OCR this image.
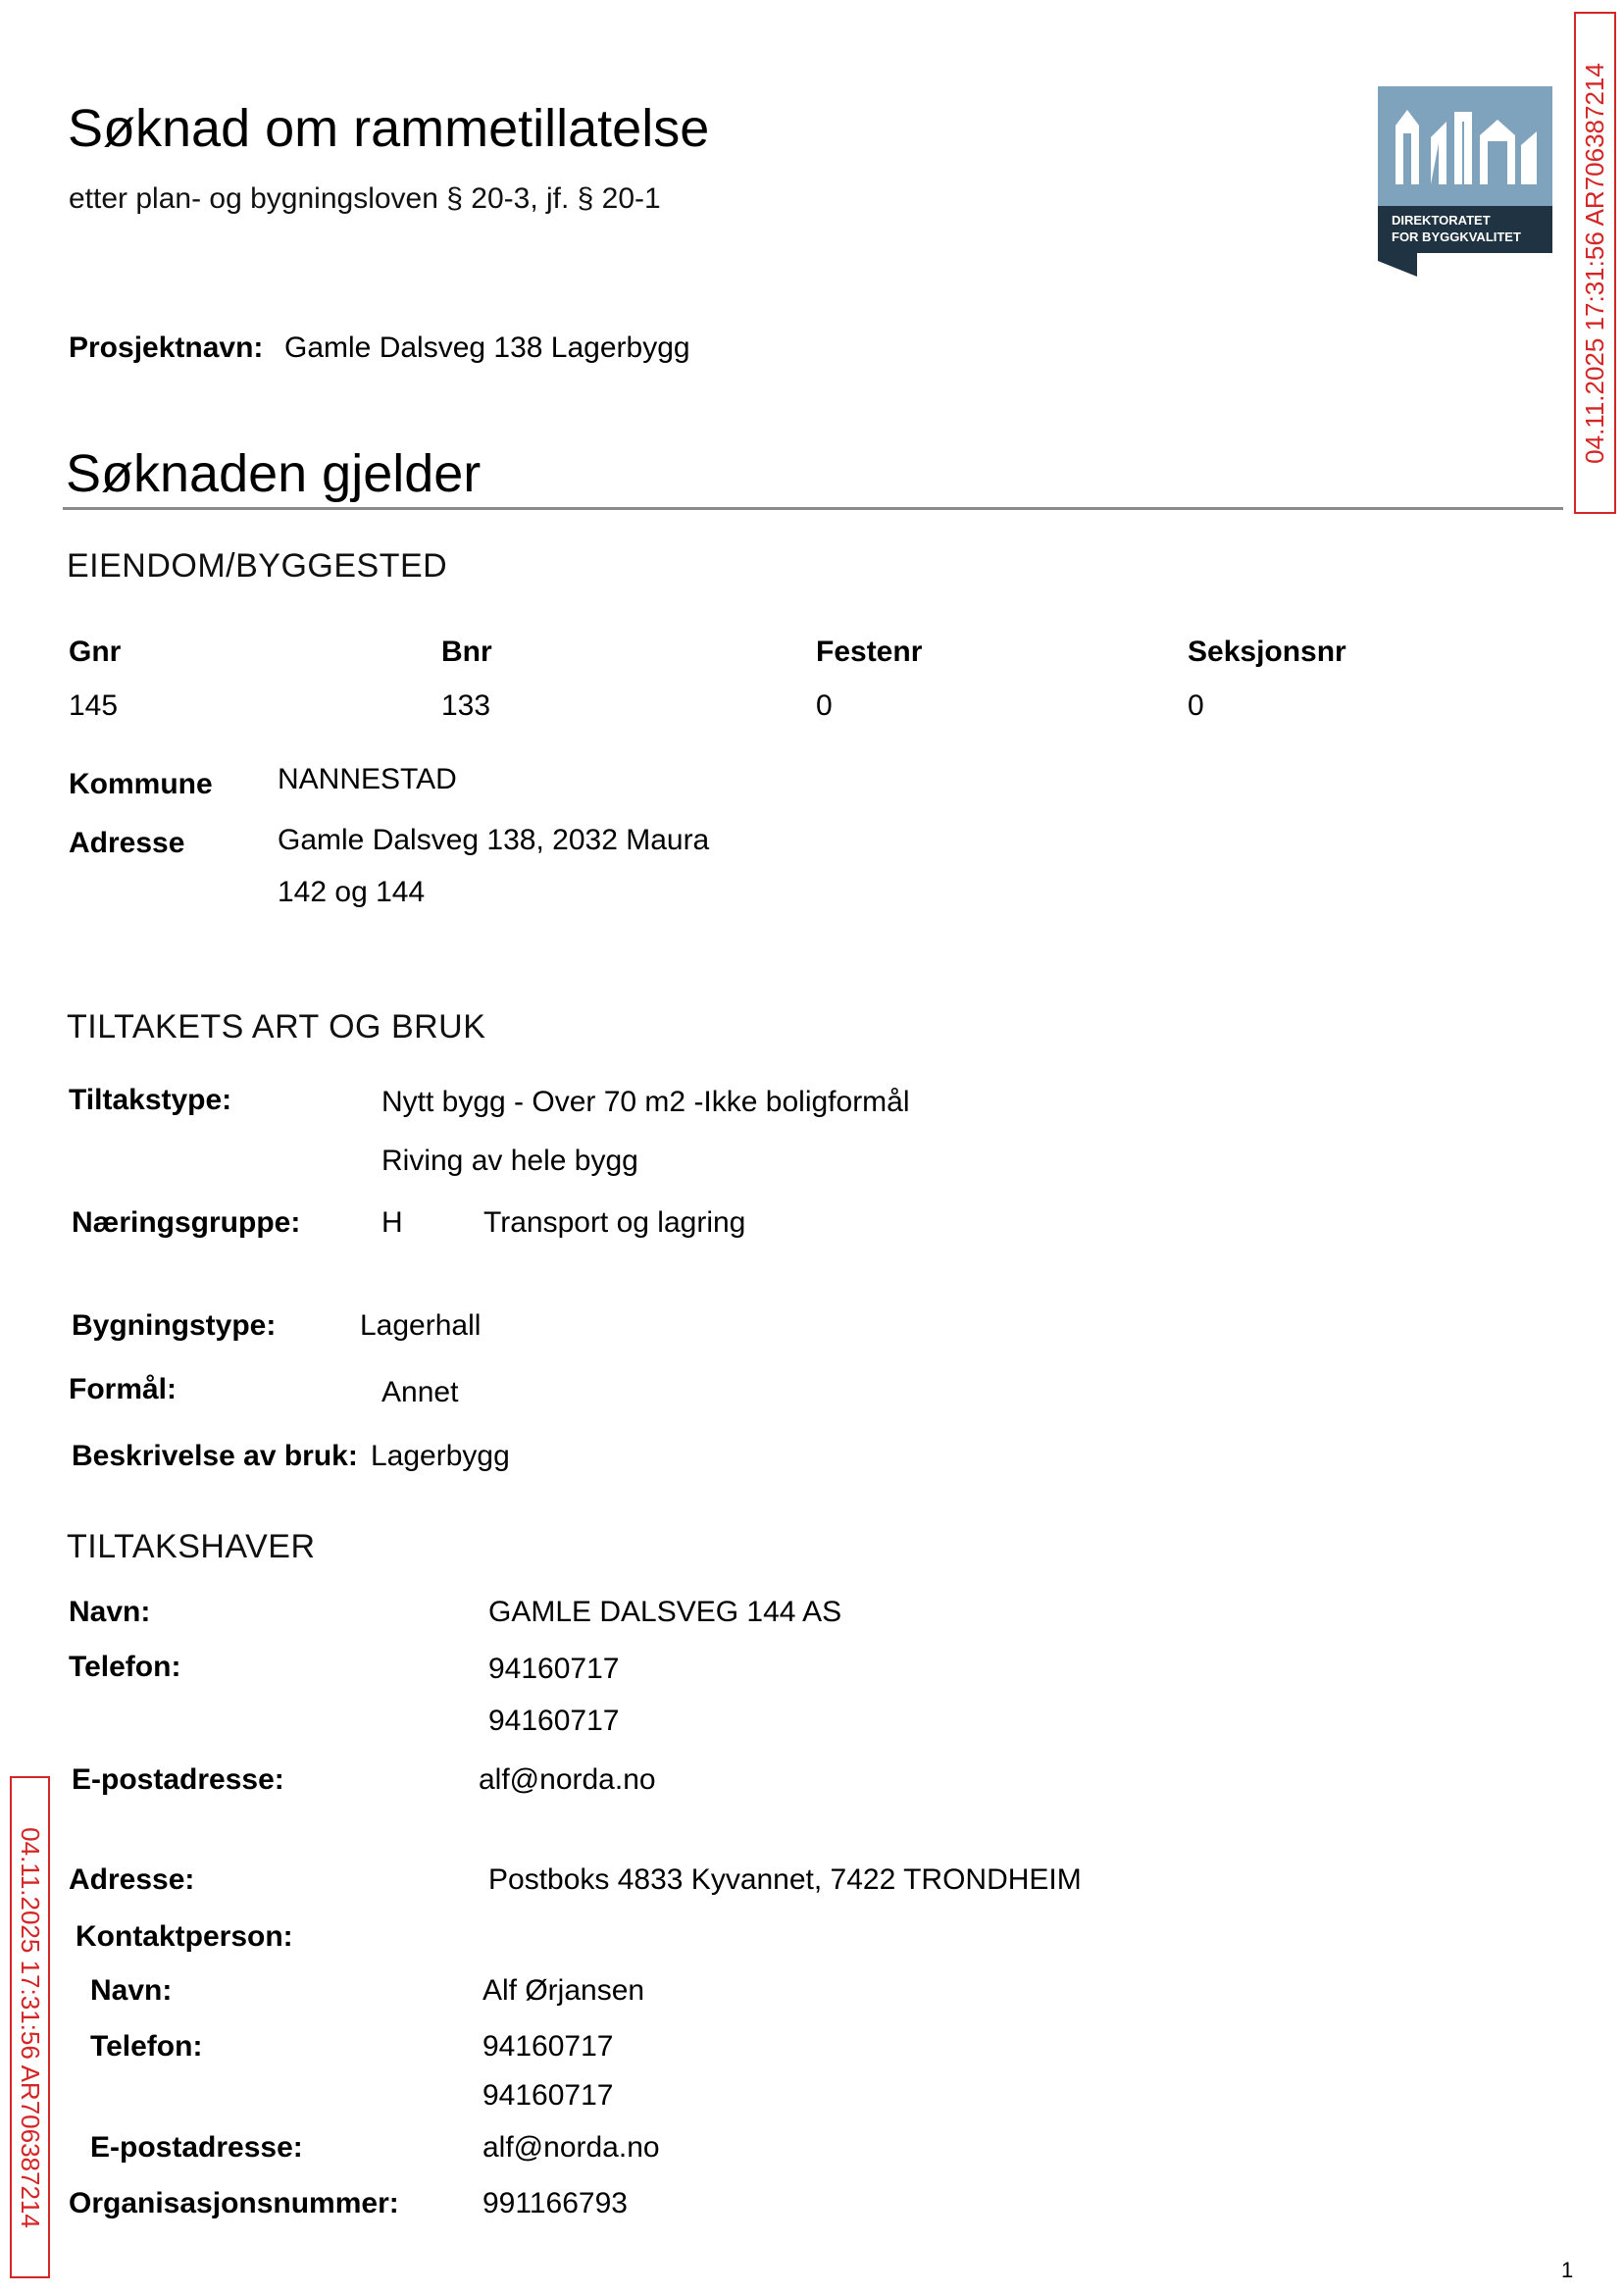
Søknad om rammetillatelse
etter plan- og bygningsloven § 20-3, jf. § 20-1
DIREKTORATET
FOR BYGGKVALITET 04.11.2025 17:31:56 AR706387214
04.11.2025 17:31:56 AR706387214
Prosjektnavn: Gamle Dalsveg 138 Lagerbygg
Søknaden gjelder
EIENDOM/BYGGESTED
Gnr	Bnr	Festenr	Seksjonsnr
145	133	0	0
Kommune NANNESTAD
Adresse	Gamle Dalsveg 138, 2032 Maura
142 og 144
TILTAKETS ART OG BRUK
Tiltakstype:	Nytt bygg - Over 70 m2 -Ikke boligformål
Riving av hele bygg
Næringsgruppe:	H	Transport og lagring
Bygningstype:	Lagerhall
Formål:	Annet
Beskrivelse av bruk: Lagerbygg
TILTAKSHAVER
Navn:	GAMLE DALSVEG 144 AS
Telefon:	94160717
94160717
E-postadresse:	alf@norda.no
Adresse:	Postboks 4833 Kyvannet, 7422 TRONDHEIM
Kontaktperson:
Navn:	Alf Ørjansen
Telefon:	94160717
94160717
E-postadresse:	alf@norda.no
Organisasjonsnummer:	991166793
1
